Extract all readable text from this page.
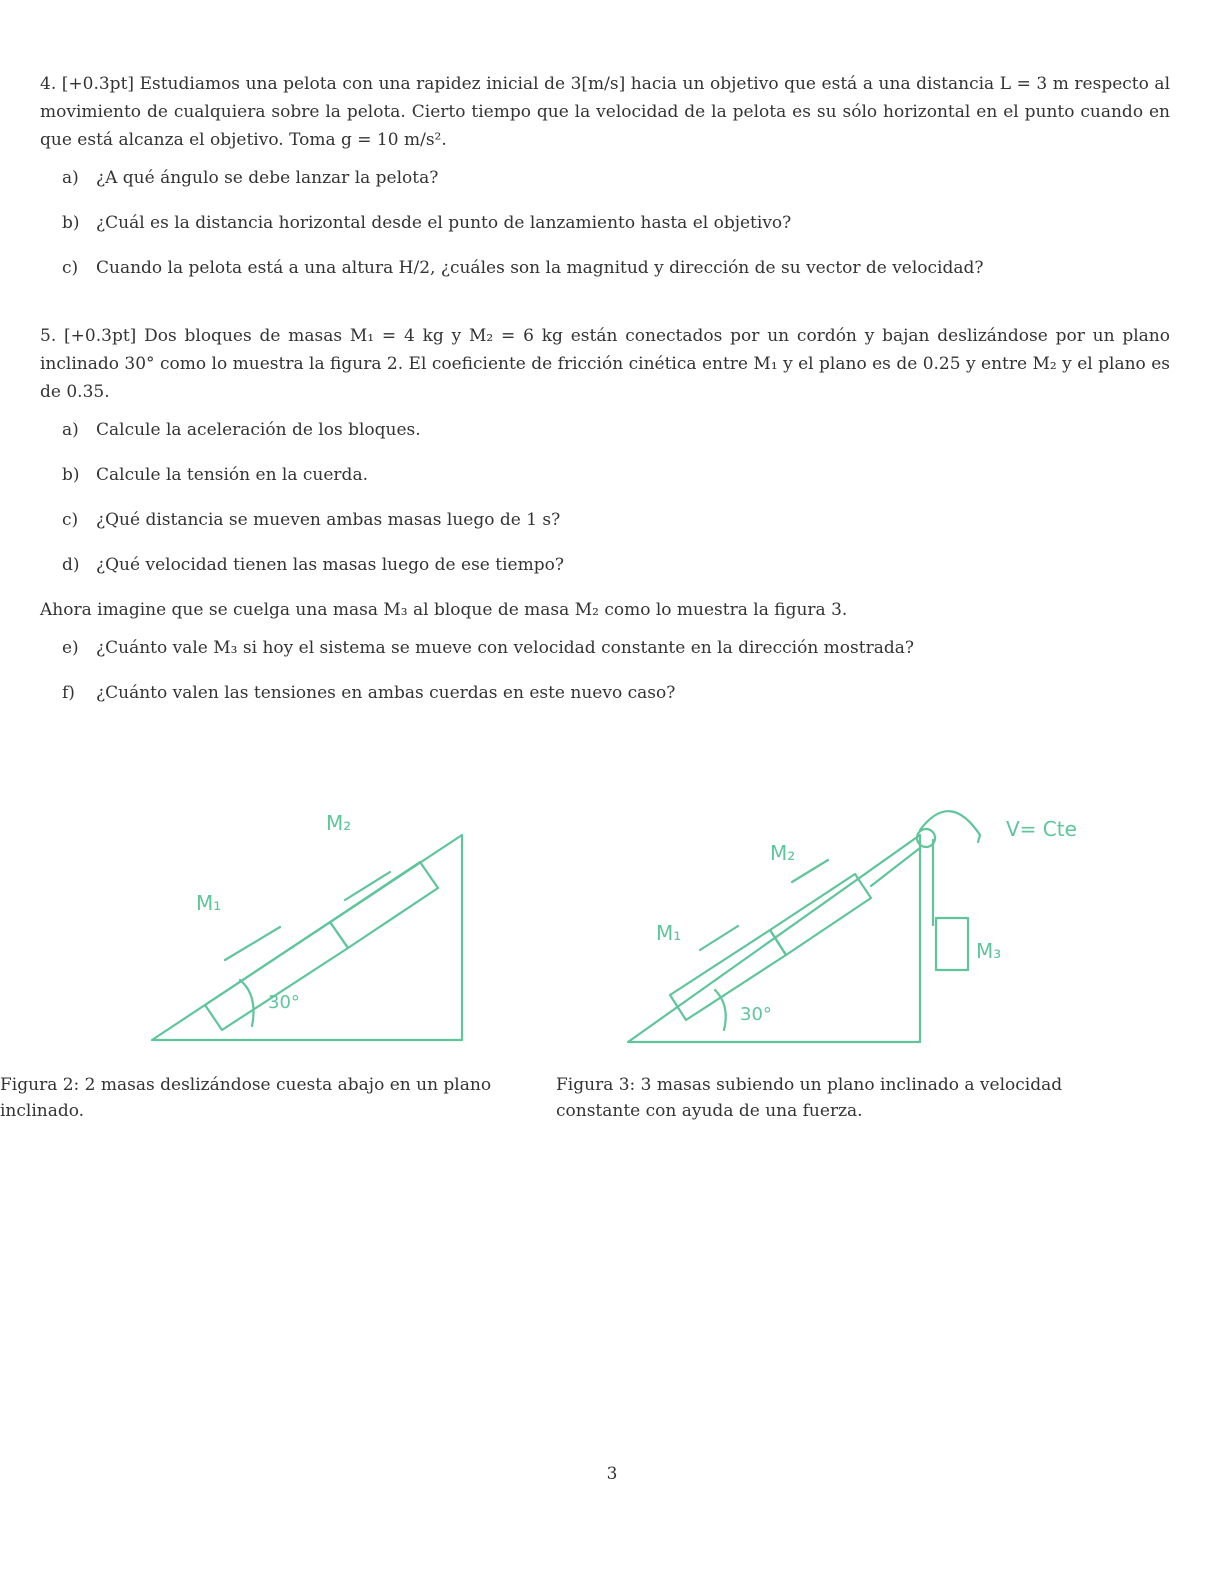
4. [+0.3pt] Estudiamos una pelota con una rapidez inicial de 3[m/s] hacia un objetivo que está a una distancia L = 3 m respecto al movimiento de cualquiera sobre la pelota. Cierto tiempo que la velocidad de la pelota es su sólo horizontal en el punto cuando en que está alcanza el objetivo. Toma g = 10 m/s².

a) ¿A qué ángulo se debe lanzar la pelota?
b) ¿Cuál es la distancia horizontal desde el punto de lanzamiento hasta el objetivo?
c) Cuando la pelota está a una altura H/2, ¿cuáles son la magnitud y dirección de su vector de velocidad?

5. [+0.3pt] Dos bloques de masas M₁ = 4 kg y M₂ = 6 kg están conectados por un cordón y bajan deslizándose por un plano inclinado 30° como lo muestra la figura 2. El coeficiente de fricción cinética entre M₁ y el plano es de 0.25 y entre M₂ y el plano es de 0.35.

a) Calcule la aceleración de los bloques.
b) Calcule la tensión en la cuerda.
c) ¿Qué distancia se mueven ambas masas luego de 1 s?
d) ¿Qué velocidad tienen las masas luego de ese tiempo?

Ahora imagine que se cuelga una masa M₃ al bloque de masa M₂ como lo muestra la figura 3.

e) ¿Cuánto vale M₃ si hoy el sistema se mueve con velocidad constante en la dirección mostrada?
f) ¿Cuánto valen las tensiones en ambas cuerdas en este nuevo caso?
M₂
M₁
30°
M₂
M₁
M₃
30°
V= Cte
Figura 2: 2 masas deslizándose cuesta abajo en un plano inclinado.
Figura 3: 3 masas subiendo un plano inclinado a velocidad constante con ayuda de una fuerza.
3
